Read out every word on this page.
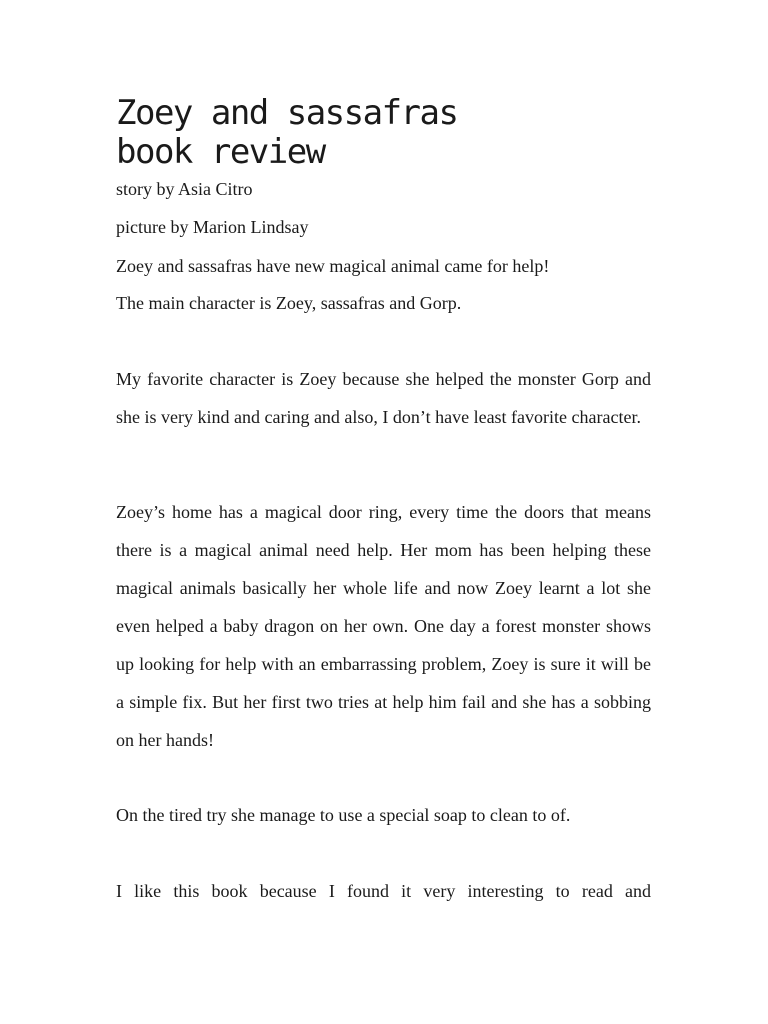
Zoey and sassafras
book review

story by Asia Citro

picture by Marion Lindsay

Zoey and sassafras have new magical animal came for help!

The main character is Zoey, sassafras and Gorp.

My favorite character is Zoey because she helped the monster Gorp and she is very kind and caring and also, I don’t have least favorite character.

Zoey’s home has a magical door ring, every time the doors that means there is a magical animal need help. Her mom has been helping these magical animals basically her whole life and now Zoey learnt a lot she even helped a baby dragon on her own. One day a forest monster shows up looking for help with an embarrassing problem, Zoey is sure it will be a simple fix. But her first two tries at help him fail and she has a sobbing on her hands!

On the tired try she manage to use a special soap to clean to of.

I like this book because I found it very interesting to read and
